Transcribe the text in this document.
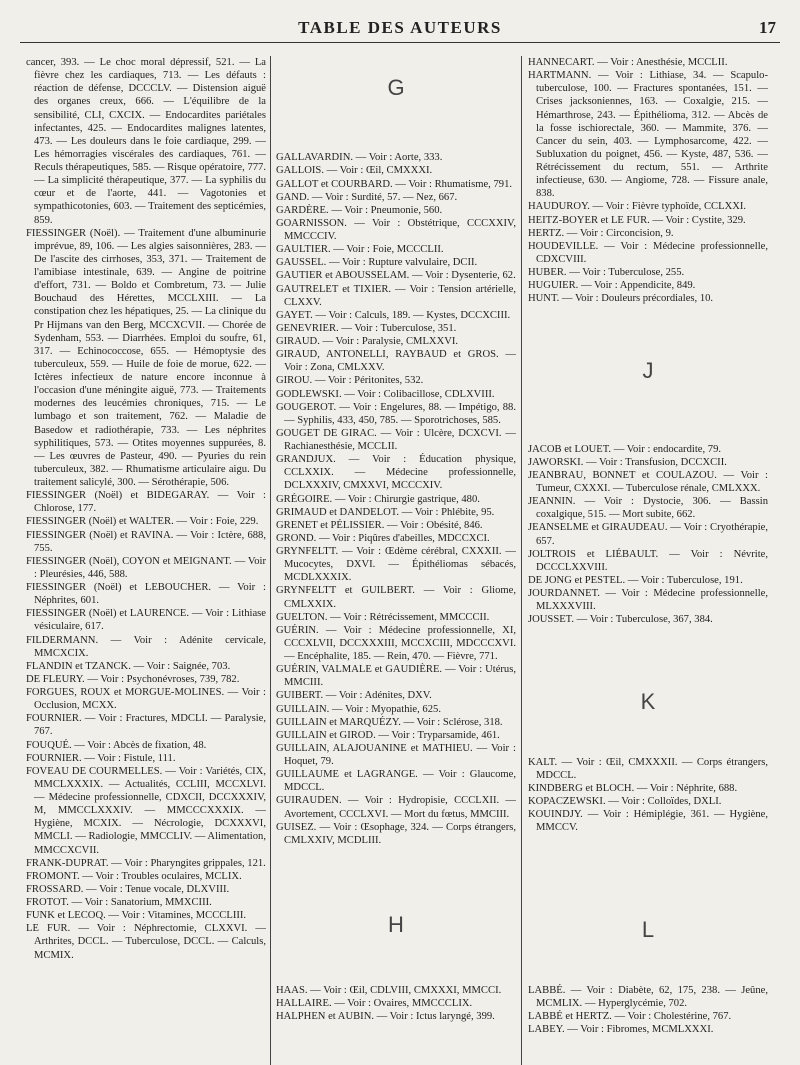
TABLE DES AUTEURS	17

cancer, 393. — Le choc moral dépressif, 521. — La fièvre chez les cardiaques, 713. — Les défauts : réaction de défense, DCCCLV. — Distension aiguë des organes creux, 666. — L'équilibre de la sensibilité, CLI, CXCIX. — Endocardites pariétales infectantes, 425. — Endocardites malignes latentes, 473. — Les douleurs dans le foie cardiaque, 299. — Les hémorragies viscérales des cardiaques, 761. — Reculs thérapeutiques, 585. — Risque opératoire, 777. — La simplicité thérapeutique, 377. — La syphilis du cœur et de l'aorte, 441. — Vagotonies et sympathicotonies, 603. — Traitement des septicémies, 859.

FIESSINGER (Noël). — Traitement d'une albuminurie imprévue, 89, 106. — Les algies saisonnières, 283. — De l'ascite des cirrhoses, 353, 371. — Traitement de l'amibiase intestinale, 639. — Angine de poitrine d'effort, 731. — Boldo et Combretum, 73. — Julie Bouchaud des Hérettes, MCCLXIII. — La constipation chez les hépatiques, 25. — La clinique du Pr Hijmans van den Berg, MCCXCVII. — Chorée de Sydenham, 553. — Diarrhées. Emploi du soufre, 61, 317. — Echinococcose, 655. — Hémoptysie des tuberculeux, 559. — Huile de foie de morue, 622. — Ictères infectieux de nature encore inconnue à l'occasion d'une méningite aiguë, 773. — Traitements modernes des leucémies chroniques, 715. — Le lumbago et son traitement, 762. — Maladie de Basedow et radiothérapie, 733. — Les néphrites syphilitiques, 573. — Otites moyennes suppurées, 8. — Les œuvres de Pasteur, 490. — Pyuries du rein tuberculeux, 382. — Rhumatisme articulaire aigu. Du traitement salicylé, 300. — Sérothérapie, 506.

FIESSINGER (Noël) et BIDEGARAY. — Voir : Chlorose, 177.

FIESSINGER (Noël) et WALTER. — Voir : Foie, 229.

FIESSINGER (Noël) et RAVINA. — Voir : Ictère, 688, 755.

FIESSINGER (Noël), COYON et MEIGNANT. — Voir : Pleurésies, 446, 588.

FIESSINGER (Noël) et LEBOUCHER. — Voir : Néphrites, 601.

FIESSINGER (Noël) et LAURENCE. — Voir : Lithiase vésiculaire, 617.

FILDERMANN. — Voir : Adénite cervicale, MMCXCIX.

FLANDIN et TZANCK. — Voir : Saignée, 703.

DE FLEURY. — Voir : Psychonévroses, 739, 782.

FORGUES, ROUX et MORGUE-MOLINES. — Voir : Occlusion, MCXX.

FOURNIER. — Voir : Fractures, MDCLI. — Paralysie, 767.

FOUQUÉ. — Voir : Abcès de fixation, 48.

FOURNIER. — Voir : Fistule, 111.

FOVEAU DE COURMELLES. — Voir : Variétés, CIX, MMCLXXXIX. — Actualités, CCLIII, MCCXLVI. — Médecine professionnelle, CDXCII, DCCXXXIV, M, MMCCLXXXIV. — MMCCCXXXIX. — Hygiène, MCXIX. — Nécrologie, DCXXXVI, MMCLI. — Radiologie, MMCCLIV. — Alimentation, MMCCXCVII.

FRANK-DUPRAT. — Voir : Pharyngites grippales, 121.

FROMONT. — Voir : Troubles oculaires, MCLIX.

FROSSARD. — Voir : Tenue vocale, DLXVIII.

FROTOT. — Voir : Sanatorium, MMXCIII.

FUNK et LECOQ. — Voir : Vitamines, MCCCLIII.

LE FUR. — Voir : Néphrectomie, CLXXVI. — Arthrites, DCCL. — Tuberculose, DCCL. — Calculs, MCMIX.

G

GALLAVARDIN. — Voir : Aorte, 333.

GALLOIS. — Voir : Œil, CMXXXI.

GALLOT et COURBARD. — Voir : Rhumatisme, 791.

GAND. — Voir : Surdité, 57. — Nez, 667.

GARDÈRE. — Voir : Pneumonie, 560.

GOARNISSON. — Voir : Obstétrique, CCCXXIV, MMCCCIV.

GAULTIER. — Voir : Foie, MCCCLII.

GAUSSEL. — Voir : Rupture valvulaire, DCII.

GAUTIER et ABOUSSELAM. — Voir : Dysenterie, 62.

GAUTRELET et TIXIER. — Voir : Tension artérielle, CLXXV.

GAYET. — Voir : Calculs, 189. — Kystes, DCCXCIII.

GENEVRIER. — Voir : Tuberculose, 351.

GIRAUD. — Voir : Paralysie, CMLXXVI.

GIRAUD, ANTONELLI, RAYBAUD et GROS. — Voir : Zona, CMLXXV.

GIROU. — Voir : Péritonites, 532.

GODLEWSKI. — Voir : Colibacillose, CDLXVIII.

GOUGEROT. — Voir : Engelures, 88. — Impétigo, 88. — Syphilis, 433, 450, 785. — Sporotrichoses, 585.

GOUGET DE GIRAC. — Voir : Ulcère, DCXCVI. — Rachianesthésie, MCCLII.

GRANDJUX. — Voir : Éducation physique, CCLXXIX. — Médecine professionnelle, DCLXXXIV, CMXXVI, MCCCXIV.

GRÉGOIRE. — Voir : Chirurgie gastrique, 480.

GRIMAUD et DANDELOT. — Voir : Phlébite, 95.

GRENET et PÉLISSIER. — Voir : Obésité, 846.

GROND. — Voir : Piqûres d'abeilles, MDCCXCI.

GRYNFELTT. — Voir : Œdème cérébral, CXXXII. — Mucocytes, DXVI. — Épithéliomas sébacés, MCDLXXXIX.

GRYNFELTT et GUILBERT. — Voir : Gliome, CMLXXIX.

GUELTON. — Voir : Rétrécissement, MMCCCII.

GUÉRIN. — Voir : Médecine professionnelle, XI, CCCXLVII, DCCXXXIII, MCCXCIII, MDCCCXVI. — Encéphalite, 185. — Rein, 470. — Fièvre, 771.

GUÉRIN, VALMALE et GAUDIÈRE. — Voir : Utérus, MMCIII.

GUIBERT. — Voir : Adénites, DXV.

GUILLAIN. — Voir : Myopathie, 625.

GUILLAIN et MARQUÉZY. — Voir : Sclérose, 318.

GUILLAIN et GIROD. — Voir : Tryparsamide, 461.

GUILLAIN, ALAJOUANINE et MATHIEU. — Voir : Hoquet, 79.

GUILLAUME et LAGRANGE. — Voir : Glaucome, MDCCL.

GUIRAUDEN. — Voir : Hydropisie, CCCLXII. — Avortement, CCCLXVI. — Mort du fœtus, MMCIII.

GUISEZ. — Voir : Œsophage, 324. — Corps étrangers, CMLXXIV, MCDLIII.

H

HAAS. — Voir : Œil, CDLVIII, CMXXXI, MMCCI.

HALLAIRE. — Voir : Ovaires, MMCCCLIX.

HALPHEN et AUBIN. — Voir : Ictus laryngé, 399.

HANNECART. — Voir : Anesthésie, MCCLII.

HARTMANN. — Voir : Lithiase, 34. — Scapulo-tuberculose, 100. — Fractures spontanées, 151. — Crises jacksoniennes, 163. — Coxalgie, 215. — Hémarthrose, 243. — Épithélioma, 312. — Abcès de la fosse ischiorectale, 360. — Mammite, 376. — Cancer du sein, 403. — Lymphosarcome, 422. — Subluxation du poignet, 456. — Kyste, 487, 536. — Rétrécissement du rectum, 551. — Arthrite infectieuse, 630. — Angiome, 728. — Fissure anale, 838.

HAUDUROY. — Voir : Fièvre typhoïde, CCLXXI.

HEITZ-BOYER et LE FUR. — Voir : Cystite, 329.

HERTZ. — Voir : Circoncision, 9.

HOUDEVILLE. — Voir : Médecine professionnelle, CDXCVIII.

HUBER. — Voir : Tuberculose, 255.

HUGUIER. — Voir : Appendicite, 849.

HUNT. — Voir : Douleurs précordiales, 10.

J

JACOB et LOUET. — Voir : endocardite, 79.

JAWORSKI. — Voir : Transfusion, DCCXCII.

JEANBRAU, BONNET et COULAZOU. — Voir : Tumeur, CXXXI. — Tuberculose rénale, CMLXXX.

JEANNIN. — Voir : Dystocie, 306. — Bassin coxalgique, 515. — Mort subite, 662.

JEANSELME et GIRAUDEAU. — Voir : Cryothérapie, 657.

JOLTROIS et LIÉBAULT. — Voir : Névrite, DCCCLXXVIII.

DE JONG et PESTEL. — Voir : Tuberculose, 191.

JOURDANNET. — Voir : Médecine professionnelle, MLXXXVIII.

JOUSSET. — Voir : Tuberculose, 367, 384.

K

KALT. — Voir : Œil, CMXXXII. — Corps étrangers, MDCCL.

KINDBERG et BLOCH. — Voir : Néphrite, 688.

KOPACZEWSKI. — Voir : Colloïdes, DXLI.

KOUINDJY. — Voir : Hémiplégie, 361. — Hygiène, MMCCV.

L

LABBÉ. — Voir : Diabète, 62, 175, 238. — Jeûne, MCMLIX. — Hyperglycémie, 702.

LABBÉ et HERTZ. — Voir : Cholestérine, 767.

LABEY. — Voir : Fibromes, MCMLXXXI.
